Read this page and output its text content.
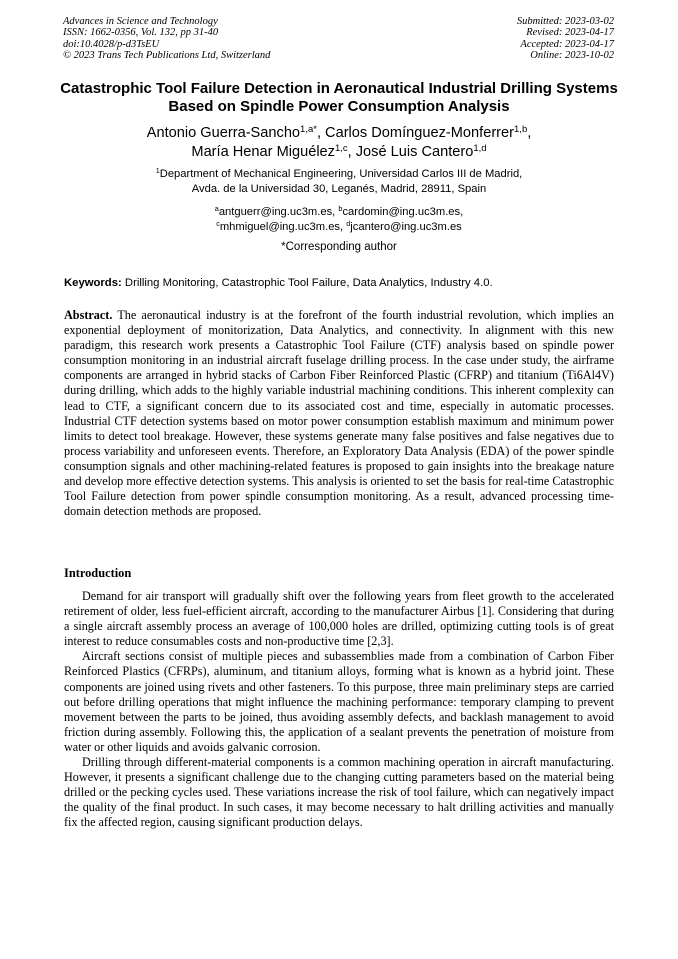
Advances in Science and Technology
ISSN: 1662-0356, Vol. 132, pp 31-40
doi:10.4028/p-d3TsEU
© 2023 Trans Tech Publications Ltd, Switzerland
Submitted: 2023-03-02
Revised: 2023-04-17
Accepted: 2023-04-17
Online: 2023-10-02
Catastrophic Tool Failure Detection in Aeronautical Industrial Drilling Systems Based on Spindle Power Consumption Analysis
Antonio Guerra-Sancho$^{1,a*}$, Carlos Domínguez-Monferrer$^{1,b}$,
María Henar Miguélez$^{1,c}$, José Luis Cantero$^{1,d}$
$^1$Department of Mechanical Engineering, Universidad Carlos III de Madrid,
Avda. de la Universidad 30, Leganés, Madrid, 28911, Spain
$^a$antguerr@ing.uc3m.es, $^b$cardomin@ing.uc3m.es,
$^c$mhmiguel@ing.uc3m.es, $^d$jcantero@ing.uc3m.es
*Corresponding author
Keywords: Drilling Monitoring, Catastrophic Tool Failure, Data Analytics, Industry 4.0.
Abstract. The aeronautical industry is at the forefront of the fourth industrial revolution, which implies an exponential deployment of monitorization, Data Analytics, and connectivity. In alignment with this new paradigm, this research work presents a Catastrophic Tool Failure (CTF) analysis based on spindle power consumption monitoring in an industrial aircraft fuselage drilling process. In the case under study, the airframe components are arranged in hybrid stacks of Carbon Fiber Reinforced Plastic (CFRP) and titanium (Ti6Al4V) during drilling, which adds to the highly variable industrial machining conditions. This inherent complexity can lead to CTF, a significant concern due to its associated cost and time, especially in automatic processes. Industrial CTF detection systems based on motor power consumption establish maximum and minimum power limits to detect tool breakage. However, these systems generate many false positives and false negatives due to process variability and unforeseen events. Therefore, an Exploratory Data Analysis (EDA) of the power spindle consumption signals and other machining-related features is proposed to gain insights into the breakage nature and develop more effective detection systems. This analysis is oriented to set the basis for real-time Catastrophic Tool Failure detection from power spindle consumption monitoring. As a result, advanced processing time-domain detection methods are proposed.
Introduction

Demand for air transport will gradually shift over the following years from fleet growth to the accelerated retirement of older, less fuel-efficient aircraft, according to the manufacturer Airbus [1]. Considering that during a single aircraft assembly process an average of 100,000 holes are drilled, optimizing cutting tools is of great interest to reduce consumables costs and non-productive time [2,3].

Aircraft sections consist of multiple pieces and subassemblies made from a combination of Carbon Fiber Reinforced Plastics (CFRPs), aluminum, and titanium alloys, forming what is known as a hybrid joint. These components are joined using rivets and other fasteners. To this purpose, three main preliminary steps are carried out before drilling operations that might influence the machining performance: temporary clamping to prevent movement between the parts to be joined, thus avoiding assembly defects, and backlash management to avoid friction during assembly. Following this, the application of a sealant prevents the penetration of moisture from water or other liquids and avoids galvanic corrosion.

Drilling through different-material components is a common machining operation in aircraft manufacturing. However, it presents a significant challenge due to the changing cutting parameters based on the material being drilled or the pecking cycles used. These variations increase the risk of tool failure, which can negatively impact the quality of the final product. In such cases, it may become necessary to halt drilling activities and manually fix the affected region, causing significant production delays.
